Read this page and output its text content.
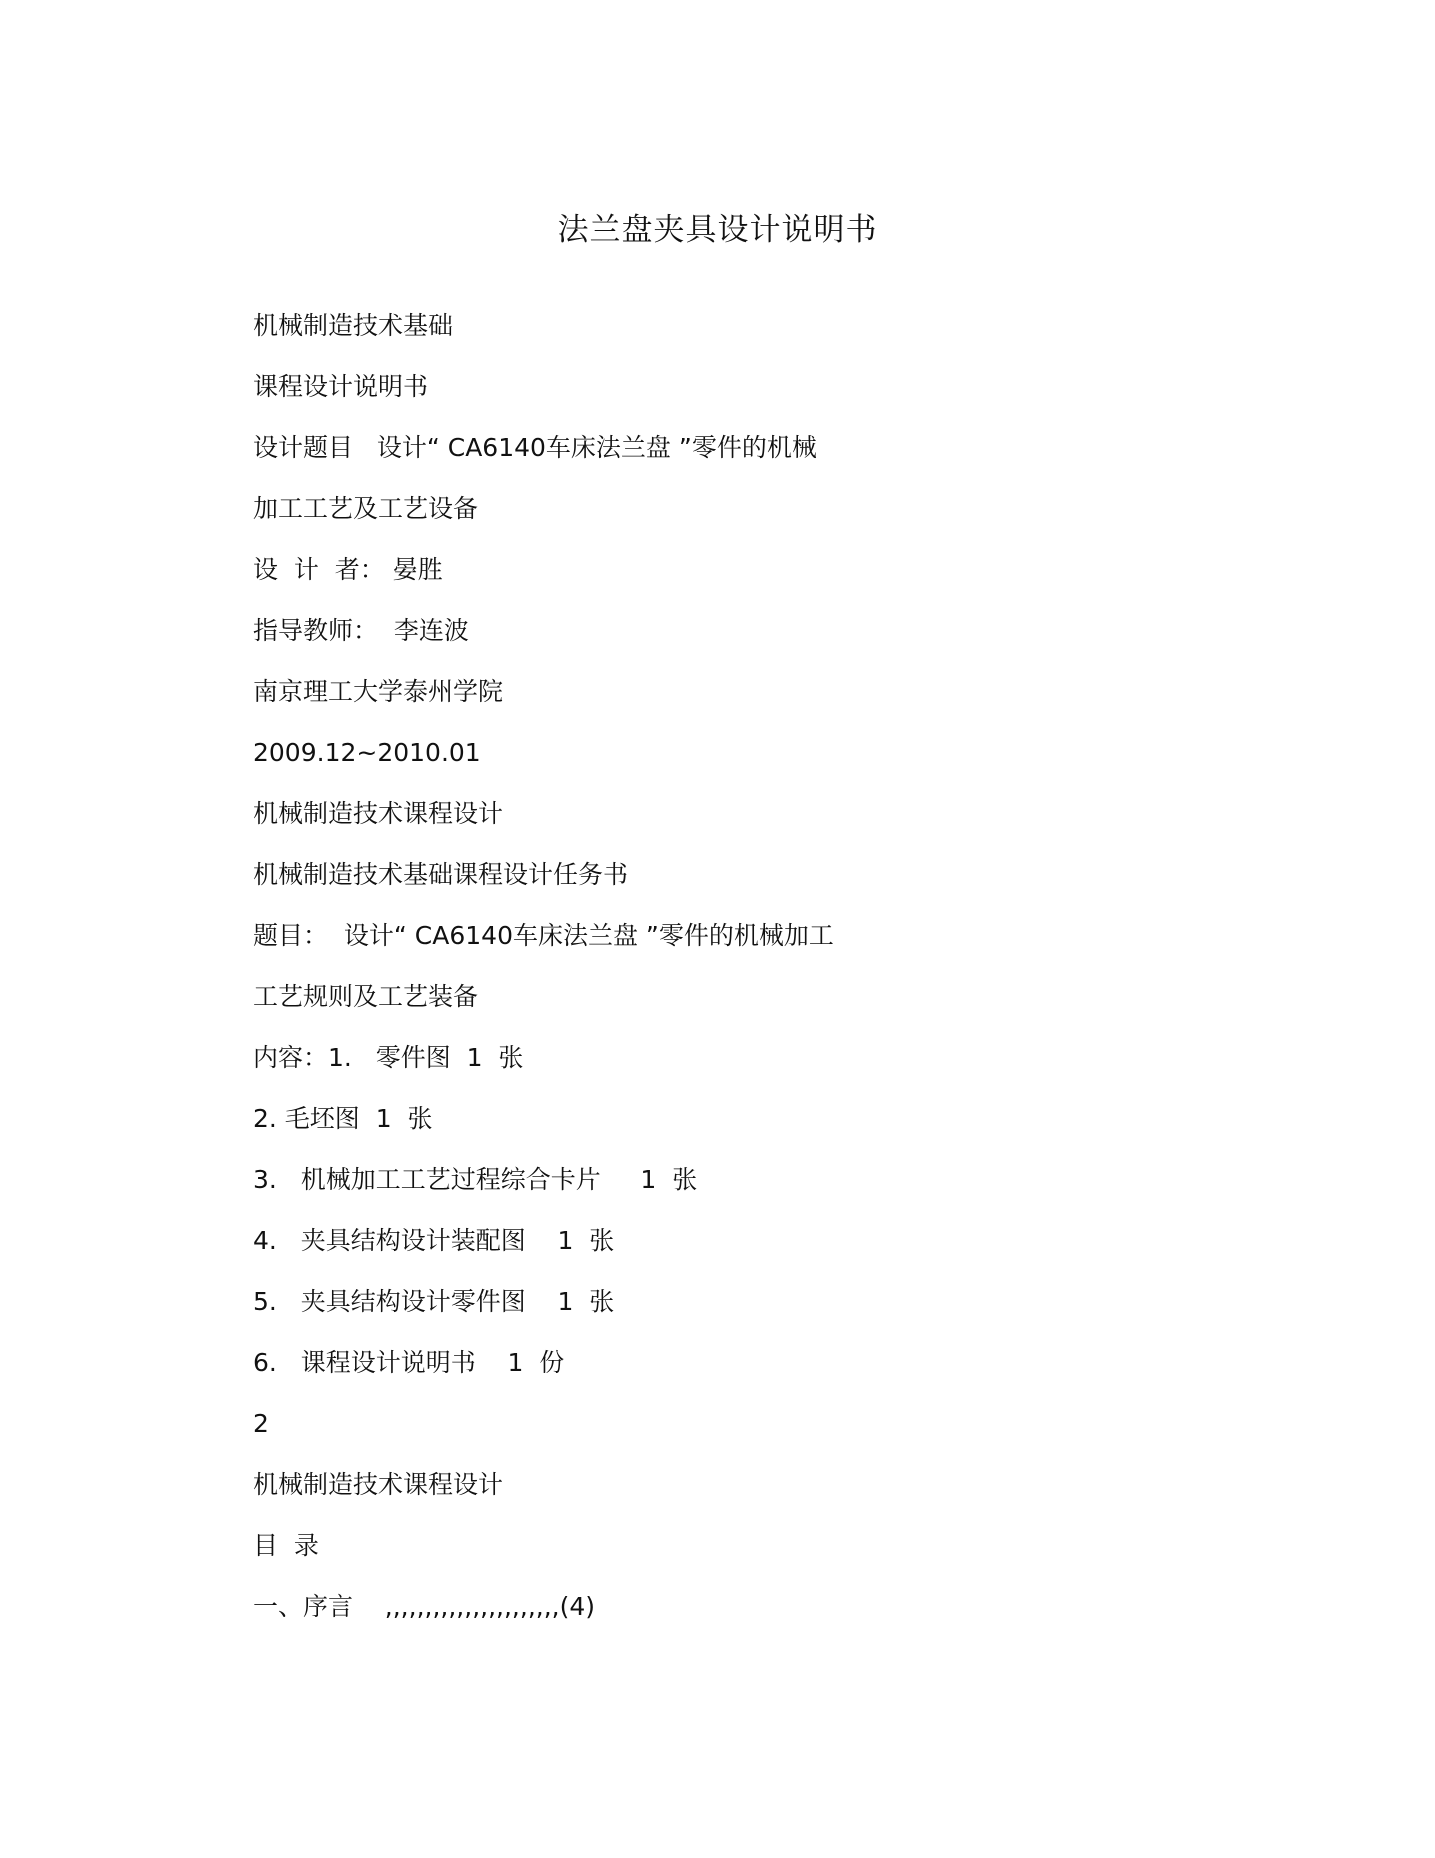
法兰盘夹具设计说明书
机械制造技术基础
课程设计说明书
设计题目   设计“ CA6140车床法兰盘 ”零件的机械
加工工艺及工艺设备
设  计  者： 晏胜
指导教师：  李连波
南京理工大学泰州学院
2009.12~2010.01
机械制造技术课程设计
机械制造技术基础课程设计任务书
题目：  设计“ CA6140车床法兰盘 ”零件的机械加工
工艺规则及工艺装备
内容：1.   零件图  1  张
2. 毛坯图  1  张
3.   机械加工工艺过程综合卡片     1  张
4.   夹具结构设计装配图    1  张
5.   夹具结构设计零件图    1  张
6.   课程设计说明书    1  份
2
机械制造技术课程设计
目  录
一、序言    ,,,,,,,,,,,,,,,,,,,,,,(4)
